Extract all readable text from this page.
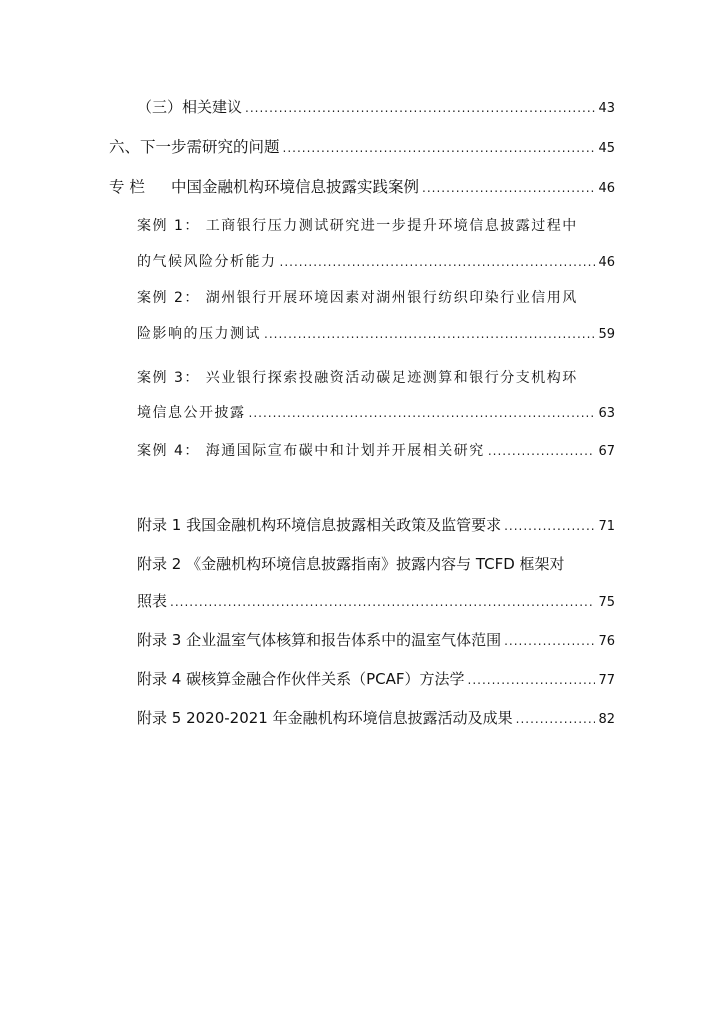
（三）相关建议 .....	43
六、下一步需研究的问题 .....	45
专 栏	中国金融机构环境信息披露实践案例 .....	46
案例 1： 工商银行压力测试研究进一步提升环境信息披露过程中
的气候风险分析能力 .....	46
案例 2： 湖州银行开展环境因素对湖州银行纺织印染行业信用风
险影响的压力测试 .....	59
案例 3： 兴业银行探索投融资活动碳足迹测算和银行分支机构环
境信息公开披露 .....	63
案例 4： 海通国际宣布碳中和计划并开展相关研究 .....	67
附录 1 我国金融机构环境信息披露相关政策及监管要求 .....	71
附录 2 《金融机构环境信息披露指南》披露内容与 TCFD 框架对
照表 .....	75
附录 3 企业温室气体核算和报告体系中的温室气体范围 .....	76
附录 4 碳核算金融合作伙伴关系（PCAF）方法学 .....	77
附录 5 2020-2021 年金融机构环境信息披露活动及成果 .....	82
